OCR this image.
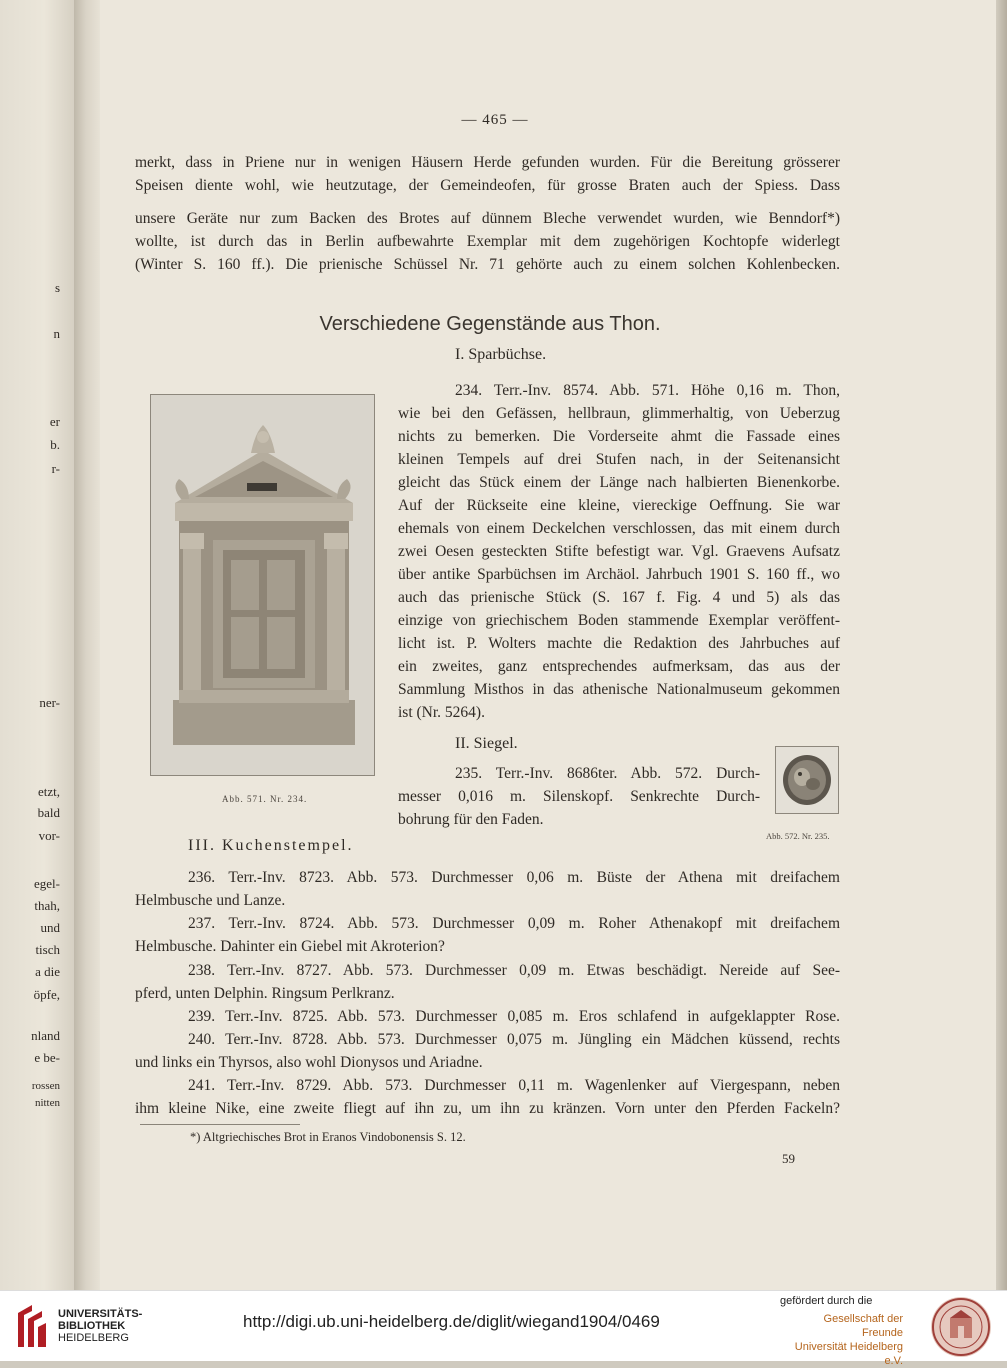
s
n
er
b.
r-
ner-
etzt,
bald
vor-
egel-
thah,
und
tisch
a die
öpfe,
nland
e be-
rossen
nitten
— 465 —
merkt, dass in Priene nur in wenigen Häusern Herde gefunden wurden. Für die Bereitung grösserer
Speisen diente wohl, wie heutzutage, der Gemeindeofen, für grosse Braten auch der Spiess. Dass
unsere Geräte nur zum Backen des Brotes auf dünnem Bleche verwendet wurden, wie Benndorf*)
wollte, ist durch das in Berlin aufbewahrte Exemplar mit dem zugehörigen Kochtopfe widerlegt
(Winter S. 160 ff.). Die prienische Schüssel Nr. 71 gehörte auch zu einem solchen Kohlenbecken.
Verschiedene Gegenstände aus Thon.
I. Sparbüchse.
Abb. 571. Nr. 234.
234. Terr.-Inv. 8574. Abb. 571. Höhe 0,16 m. Thon,
wie bei den Gefässen, hellbraun, glimmerhaltig, von Ueberzug
nichts zu bemerken. Die Vorderseite ahmt die Fassade eines
kleinen Tempels auf drei Stufen nach, in der Seitenansicht
gleicht das Stück einem der Länge nach halbierten Bienenkorbe.
Auf der Rückseite eine kleine, viereckige Oeffnung. Sie war
ehemals von einem Deckelchen verschlossen, das mit einem durch
zwei Oesen gesteckten Stifte befestigt war. Vgl. Graevens Aufsatz
über antike Sparbüchsen im Archäol. Jahrbuch 1901 S. 160 ff., wo
auch das prienische Stück (S. 167 f. Fig. 4 und 5) als das
einzige von griechischem Boden stammende Exemplar veröffent-
licht ist. P. Wolters machte die Redaktion des Jahrbuches auf
ein zweites, ganz entsprechendes aufmerksam, das aus der
Sammlung Misthos in das athenische Nationalmuseum gekommen
ist (Nr. 5264).
II. Siegel.
235. Terr.-Inv. 8686ter. Abb. 572. Durch-
messer 0,016 m. Silenskopf. Senkrechte Durch-
bohrung für den Faden.
Abb. 572. Nr. 235.
III. Kuchenstempel.
236. Terr.-Inv. 8723. Abb. 573. Durchmesser 0,06 m. Büste der Athena mit dreifachem
Helmbusche und Lanze.
237. Terr.-Inv. 8724. Abb. 573. Durchmesser 0,09 m. Roher Athenakopf mit dreifachem
Helmbusche. Dahinter ein Giebel mit Akroterion?
238. Terr.-Inv. 8727. Abb. 573. Durchmesser 0,09 m. Etwas beschädigt. Nereide auf See-
pferd, unten Delphin. Ringsum Perlkranz.
239. Terr.-Inv. 8725. Abb. 573. Durchmesser 0,085 m. Eros schlafend in aufgeklappter Rose.
240. Terr.-Inv. 8728. Abb. 573. Durchmesser 0,075 m. Jüngling ein Mädchen küssend, rechts
und links ein Thyrsos, also wohl Dionysos und Ariadne.
241. Terr.-Inv. 8729. Abb. 573. Durchmesser 0,11 m. Wagenlenker auf Viergespann, neben
ihm kleine Nike, eine zweite fliegt auf ihn zu, um ihn zu kränzen. Vorn unter den Pferden Fackeln?
*) Altgriechisches Brot in Eranos Vindobonensis S. 12.
59
UNIVERSITÄTS-
BIBLIOTHEK
HEIDELBERG
http://digi.ub.uni-heidelberg.de/diglit/wiegand1904/0469
gefördert durch die
Gesellschaft der Freunde
Universität Heidelberg e.V.
